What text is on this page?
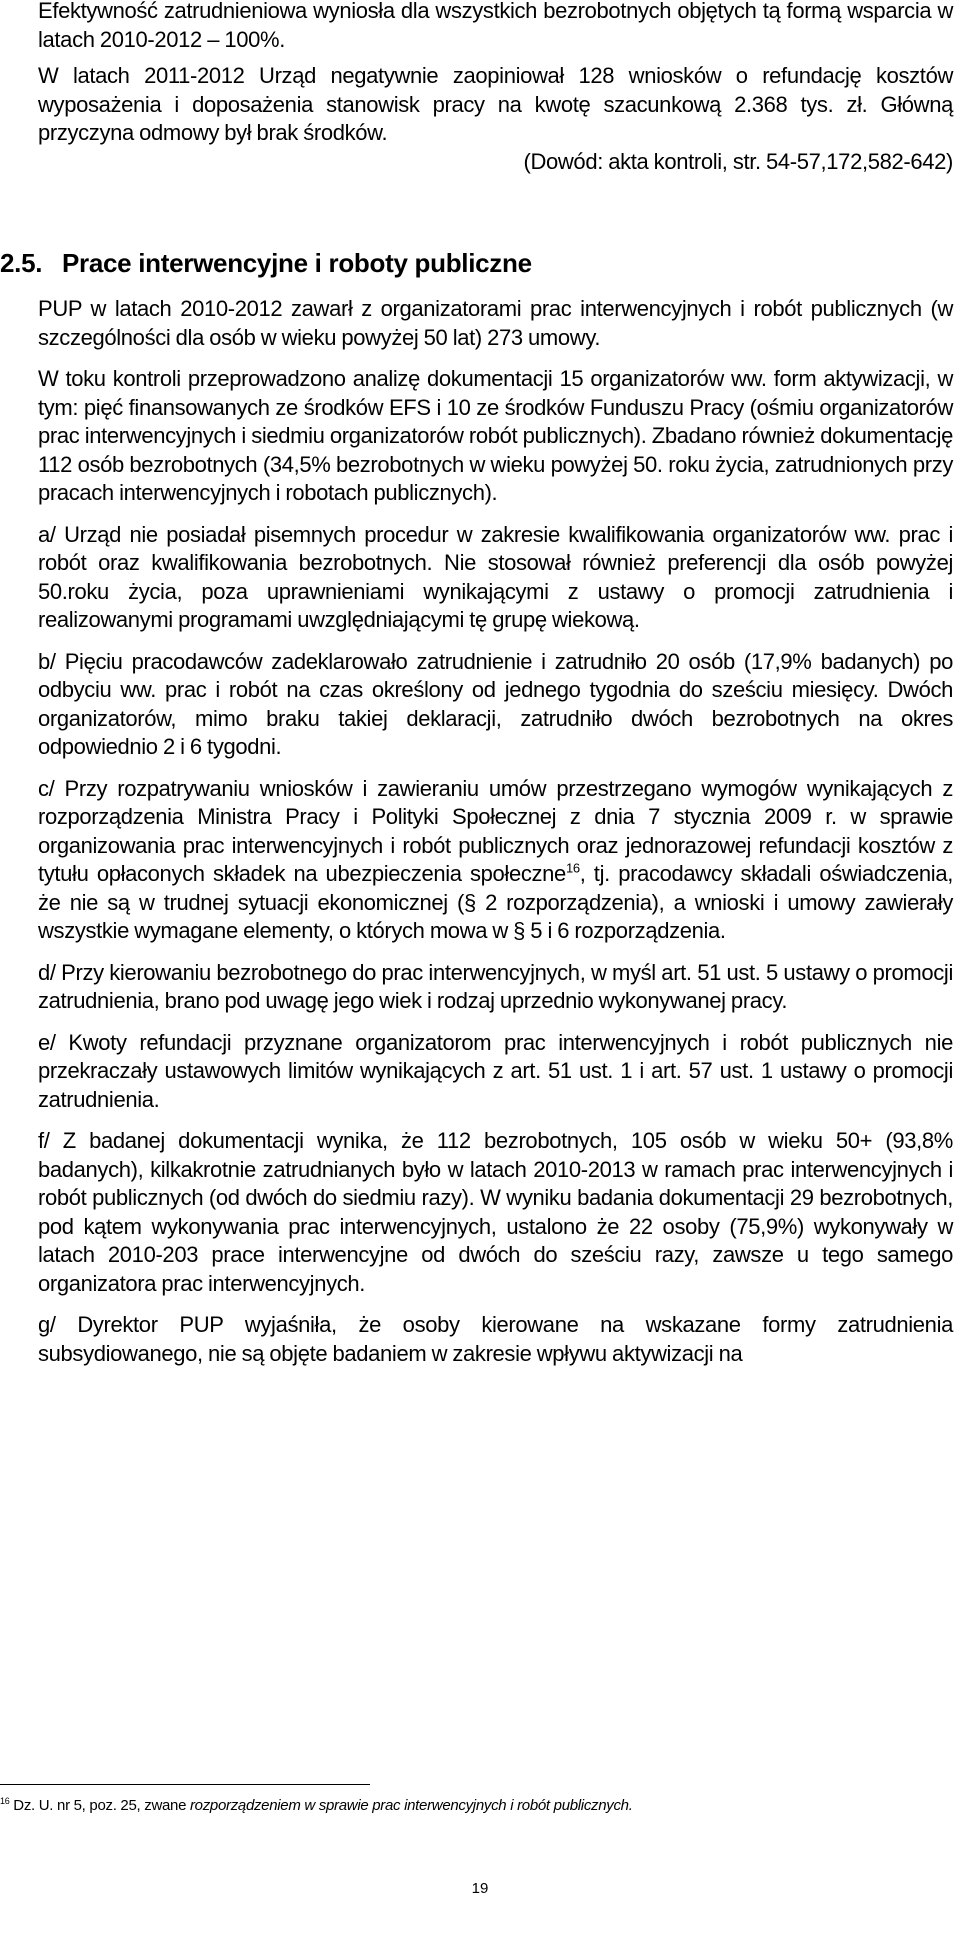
Efektywność zatrudnieniowa wyniosła dla wszystkich bezrobotnych objętych tą formą wsparcia w latach 2010-2012 – 100%.

W latach 2011-2012 Urząd negatywnie zaopiniował 128 wniosków o refundację kosztów wyposażenia i doposażenia stanowisk pracy na kwotę szacunkową 2.368 tys. zł. Główną przyczyna odmowy był brak środków.

(Dowód: akta kontroli, str. 54-57,172,582-642)

2.5. Prace interwencyjne i roboty publiczne

PUP w latach 2010-2012 zawarł z organizatorami prac interwencyjnych i robót publicznych (w szczególności dla osób w wieku powyżej 50 lat) 273 umowy.

W toku kontroli przeprowadzono analizę dokumentacji 15 organizatorów ww. form aktywizacji, w tym: pięć finansowanych ze środków EFS i 10 ze środków Funduszu Pracy (ośmiu organizatorów prac interwencyjnych i siedmiu organizatorów robót publicznych). Zbadano również dokumentację 112 osób bezrobotnych (34,5% bezrobotnych w wieku powyżej 50. roku życia, zatrudnionych przy pracach interwencyjnych i robotach publicznych).

a/ Urząd nie posiadał pisemnych procedur w zakresie kwalifikowania organizatorów ww. prac i robót oraz kwalifikowania bezrobotnych. Nie stosował również preferencji dla osób powyżej 50.roku życia, poza uprawnieniami wynikającymi z ustawy o promocji zatrudnienia i realizowanymi programami uwzględniającymi tę grupę wiekową.

b/ Pięciu pracodawców zadeklarowało zatrudnienie i zatrudniło 20 osób (17,9% badanych) po odbyciu ww. prac i robót na czas określony od jednego tygodnia do sześciu miesięcy. Dwóch organizatorów, mimo braku takiej deklaracji, zatrudniło dwóch bezrobotnych na okres odpowiednio 2 i 6 tygodni.

c/ Przy rozpatrywaniu wniosków i zawieraniu umów przestrzegano wymogów wynikających z rozporządzenia Ministra Pracy i Polityki Społecznej z dnia 7 stycznia 2009 r. w sprawie organizowania prac interwencyjnych i robót publicznych oraz jednorazowej refundacji kosztów z tytułu opłaconych składek na ubezpieczenia społeczne$^{16}$, tj. pracodawcy składali oświadczenia, że nie są w trudnej sytuacji ekonomicznej (§ 2 rozporządzenia), a wnioski i umowy zawierały wszystkie wymagane elementy, o których mowa w § 5 i 6 rozporządzenia.

d/ Przy kierowaniu bezrobotnego do prac interwencyjnych, w myśl art. 51 ust. 5 ustawy o promocji zatrudnienia, brano pod uwagę jego wiek i rodzaj uprzednio wykonywanej pracy.

e/ Kwoty refundacji przyznane organizatorom prac interwencyjnych i robót publicznych nie przekraczały ustawowych limitów wynikających z art. 51 ust. 1 i art. 57 ust. 1 ustawy o promocji zatrudnienia.

f/ Z badanej dokumentacji wynika, że 112 bezrobotnych, 105 osób w wieku 50+ (93,8% badanych), kilkakrotnie zatrudnianych było w latach 2010-2013 w ramach prac interwencyjnych i robót publicznych (od dwóch do siedmiu razy). W wyniku badania dokumentacji 29 bezrobotnych, pod kątem wykonywania prac interwencyjnych, ustalono że 22 osoby (75,9%) wykonywały w latach 2010-203 prace interwencyjne od dwóch do sześciu razy, zawsze u tego samego organizatora prac interwencyjnych.

g/ Dyrektor PUP wyjaśniła, że osoby kierowane na wskazane formy zatrudnienia subsydiowanego, nie są objęte badaniem w zakresie wpływu aktywizacji na

$^{16}$ Dz. U. nr 5, poz. 25, zwane rozporządzeniem w sprawie prac interwencyjnych i robót publicznych.
19
